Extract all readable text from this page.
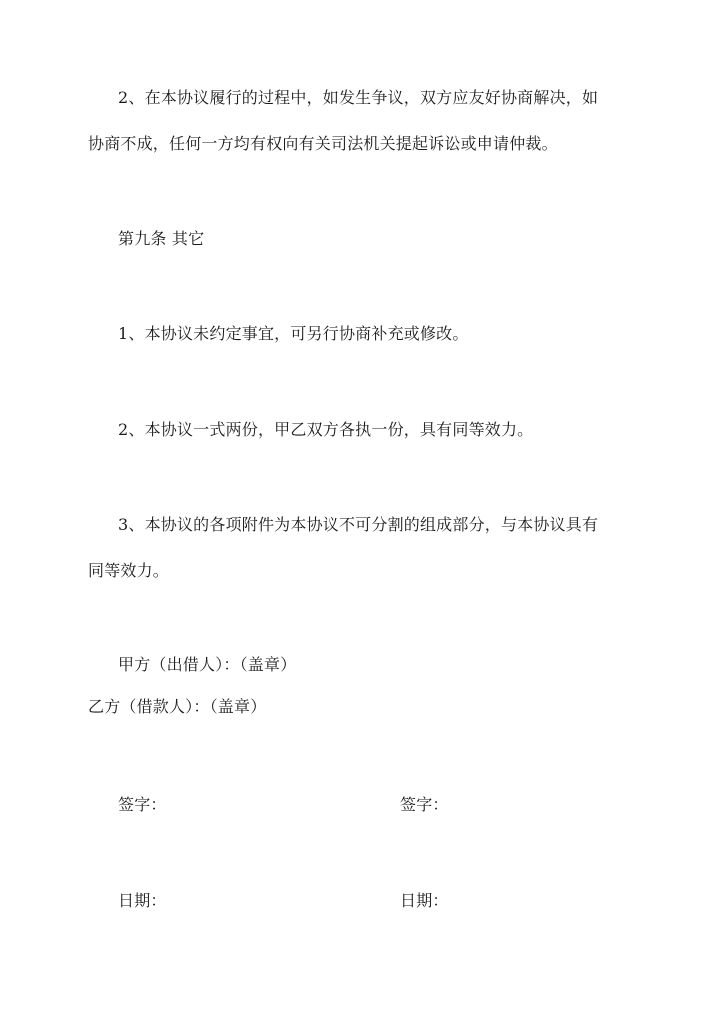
2、在本协议履行的过程中，如发生争议，双方应友好协商解决，如
协商不成，任何一方均有权向有关司法机关提起诉讼或申请仲裁。
第九条 其它
1、本协议未约定事宜，可另行协商补充或修改。
2、本协议一式两份，甲乙双方各执一份，具有同等效力。
3、本协议的各项附件为本协议不可分割的组成部分，与本协议具有
同等效力。
甲方（出借人）：（盖章）
乙方（借款人）：（盖章）
签字：	签字：
日期：	日期：
